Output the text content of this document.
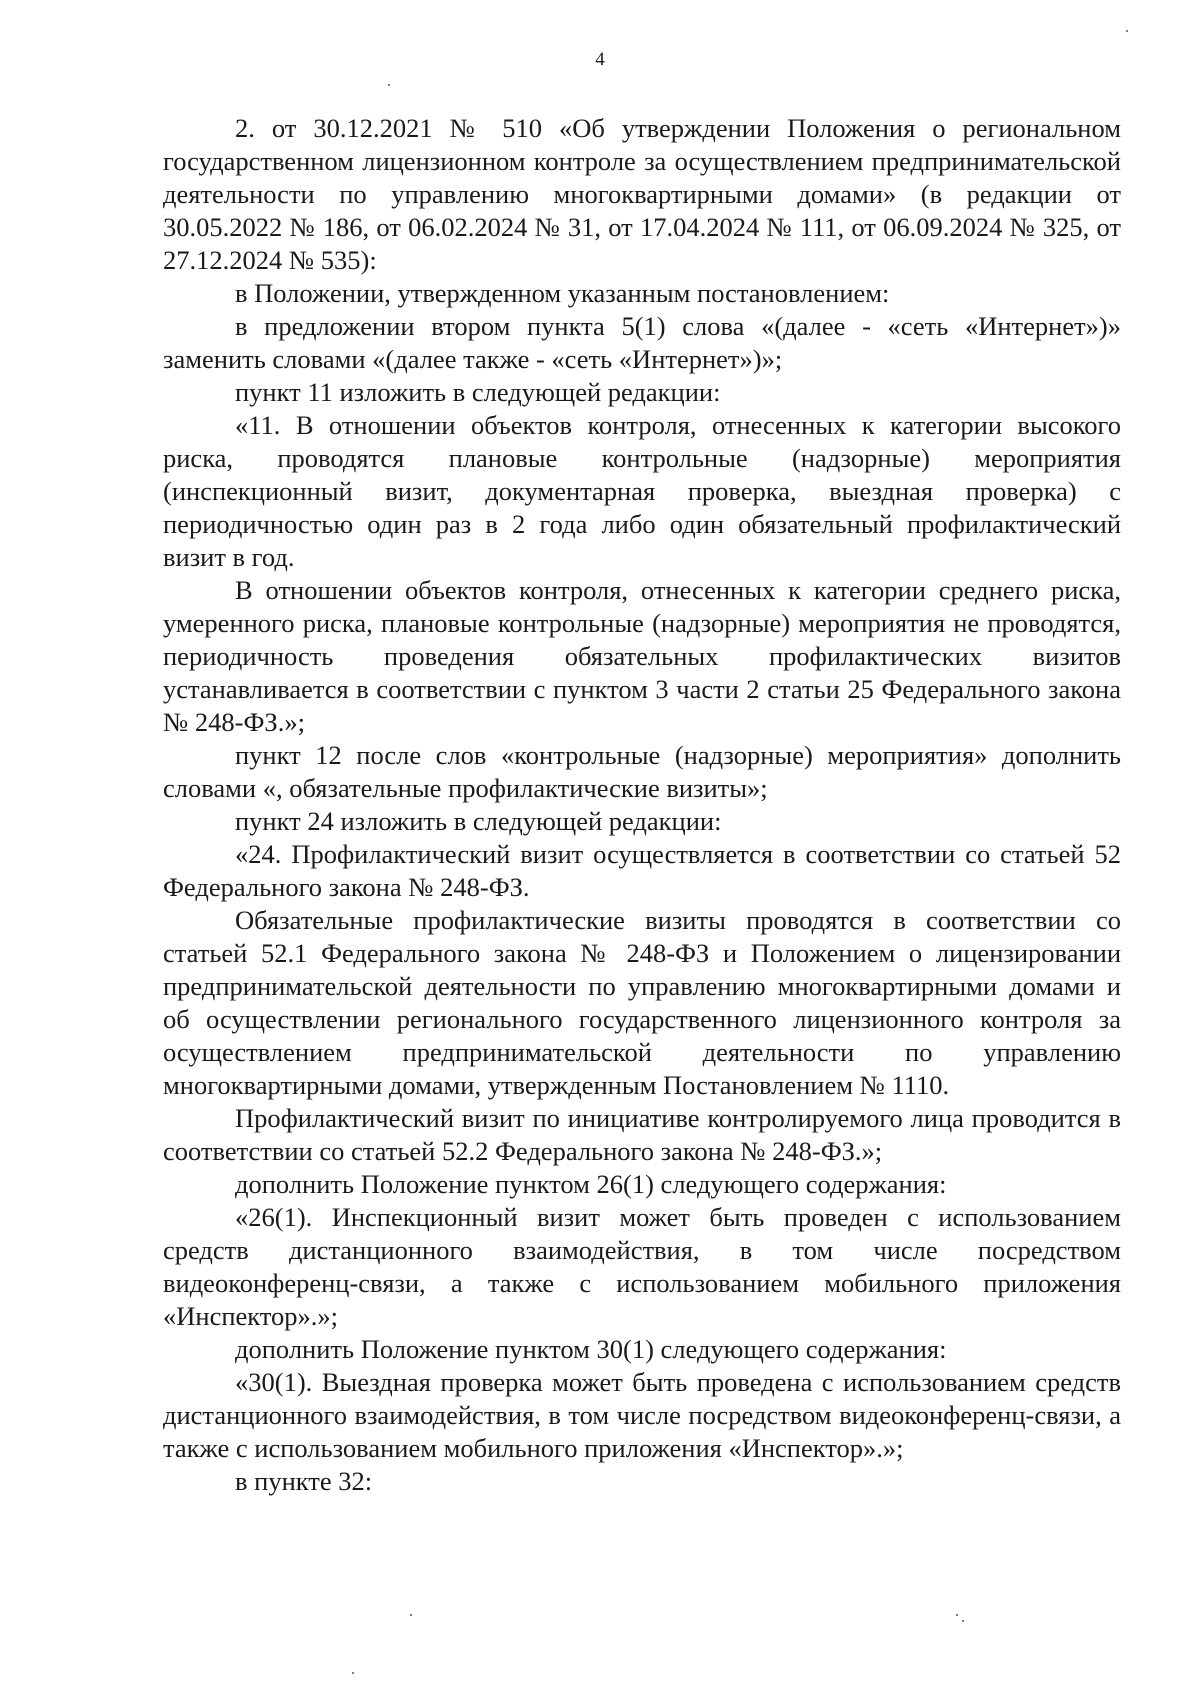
4

2. от 30.12.2021 № 510 «Об утверждении Положения о региональном государственном лицензионном контроле за осуществлением предпринимательской деятельности по управлению многоквартирными домами» (в редакции от 30.05.2022 № 186, от 06.02.2024 № 31, от 17.04.2024 № 111, от 06.09.2024 № 325, от 27.12.2024 № 535):

в Положении, утвержденном указанным постановлением:

в предложении втором пункта 5(1) слова «(далее - «сеть «Интернет»)» заменить словами «(далее также - «сеть «Интернет»)»;

пункт 11 изложить в следующей редакции:

«11. В отношении объектов контроля, отнесенных к категории высокого риска, проводятся плановые контрольные (надзорные) мероприятия (инспекционный визит, документарная проверка, выездная проверка) с периодичностью один раз в 2 года либо один обязательный профилактический визит в год.

В отношении объектов контроля, отнесенных к категории среднего риска, умеренного риска, плановые контрольные (надзорные) мероприятия не проводятся, периодичность проведения обязательных профилактических визитов устанавливается в соответствии с пунктом 3 части 2 статьи 25 Федерального закона № 248-ФЗ.»;

пункт 12 после слов «контрольные (надзорные) мероприятия» дополнить словами «, обязательные профилактические визиты»;

пункт 24 изложить в следующей редакции:

«24. Профилактический визит осуществляется в соответствии со статьей 52 Федерального закона № 248-ФЗ.

Обязательные профилактические визиты проводятся в соответствии со статьей 52.1 Федерального закона № 248-ФЗ и Положением о лицензировании предпринимательской деятельности по управлению многоквартирными домами и об осуществлении регионального государственного лицензионного контроля за осуществлением предпринимательской деятельности по управлению многоквартирными домами, утвержденным Постановлением № 1110.

Профилактический визит по инициативе контролируемого лица проводится в соответствии со статьей 52.2 Федерального закона № 248-ФЗ.»;

дополнить Положение пунктом 26(1) следующего содержания:

«26(1). Инспекционный визит может быть проведен с использованием средств дистанционного взаимодействия, в том числе посредством видеоконференц-связи, а также с использованием мобильного приложения «Инспектор».»;

дополнить Положение пунктом 30(1) следующего содержания:

«30(1). Выездная проверка может быть проведена с использованием средств дистанционного взаимодействия, в том числе посредством видеоконференц-связи, а также с использованием мобильного приложения «Инспектор».»;

в пункте 32:
